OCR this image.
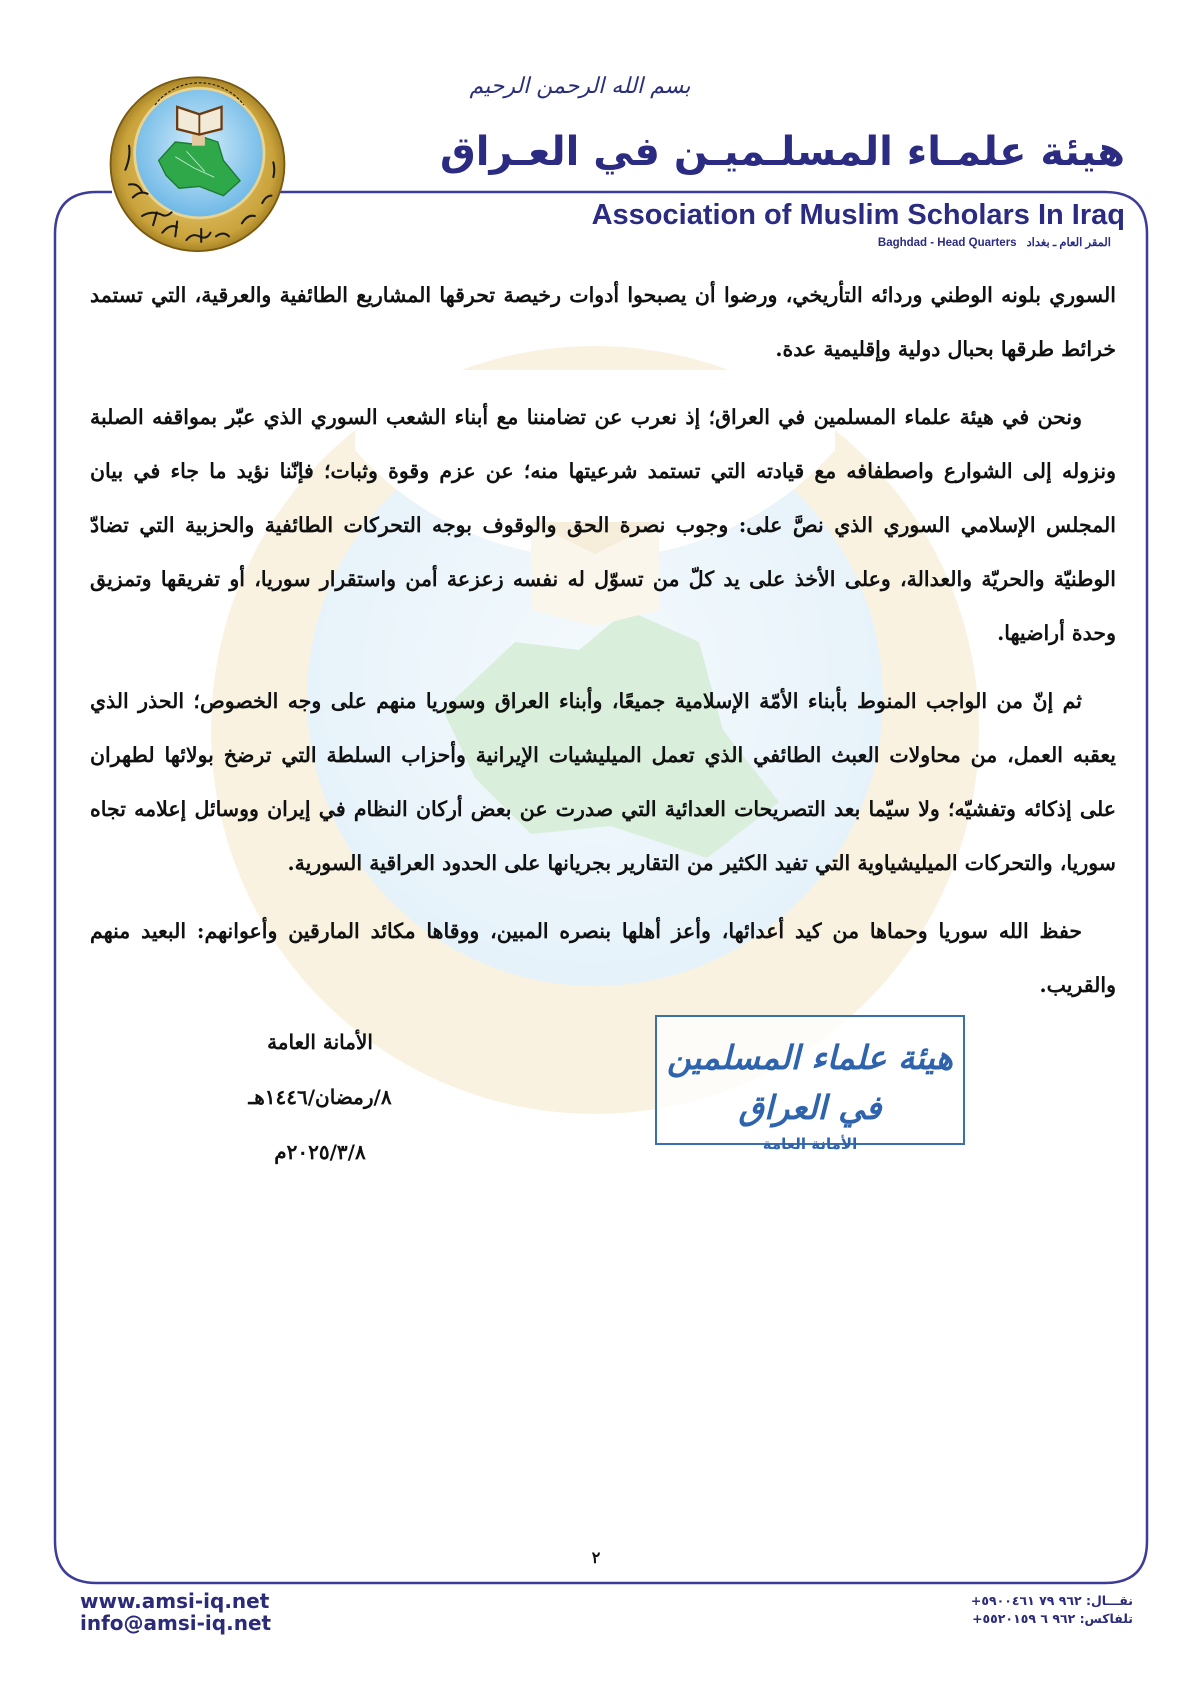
بسم الله الرحمن الرحيم
هيئة علمـاء المسلـميـن في العـراق
Association of Muslim Scholars In Iraq
Baghdad - Head Quarters المقر العام ـ بغداد

السوري بلونه الوطني وردائه التأريخي، ورضوا أن يصبحوا أدوات رخيصة تحرقها المشاريع الطائفية والعرقية، التي تستمد خرائط طرقها بحبال دولية وإقليمية عدة.

ونحن في هيئة علماء المسلمين في العراق؛ إذ نعرب عن تضامننا مع أبناء الشعب السوري الذي عبّر بمواقفه الصلبة ونزوله إلى الشوارع واصطفافه مع قيادته التي تستمد شرعيتها منه؛ عن عزم وقوة وثبات؛ فإنّنا نؤيد ما جاء في بيان المجلس الإسلامي السوري الذي نصَّ على: وجوب نصرة الحق والوقوف بوجه التحركات الطائفية والحزبية التي تضادّ الوطنيّة والحريّة والعدالة، وعلى الأخذ على يد كلّ من تسوّل له نفسه زعزعة أمن واستقرار سوريا، أو تفريقها وتمزيق وحدة أراضيها.

ثم إنّ من الواجب المنوط بأبناء الأمّة الإسلامية جميعًا، وأبناء العراق وسوريا منهم على وجه الخصوص؛ الحذر الذي يعقبه العمل، من محاولات العبث الطائفي الذي تعمل الميليشيات الإيرانية وأحزاب السلطة التي ترضخ بولائها لطهران على إذكائه وتفشيّه؛ ولا سيّما بعد التصريحات العدائية التي صدرت عن بعض أركان النظام في إيران ووسائل إعلامه تجاه سوريا، والتحركات الميليشياوية التي تفيد الكثير من التقارير بجريانها على الحدود العراقية السورية.

حفظ الله سوريا وحماها من كيد أعدائها، وأعز أهلها بنصره المبين، ووقاها مكائد المارقين وأعوانهم: البعيد منهم والقريب.

الأمانة العامة
٨/رمضان/١٤٤٦هـ
٢٠٢٥/٣/٨م
هيئة علماء المسلمين في العراق
الأمانة العامة
٢
www.amsi-iq.net
info@amsi-iq.net
نقـــال: +٩٦٢ ٧٩ ٥٩٠٠٤٦١
تلفاكس: +٩٦٢ ٦ ٥٥٢٠١٥٩
